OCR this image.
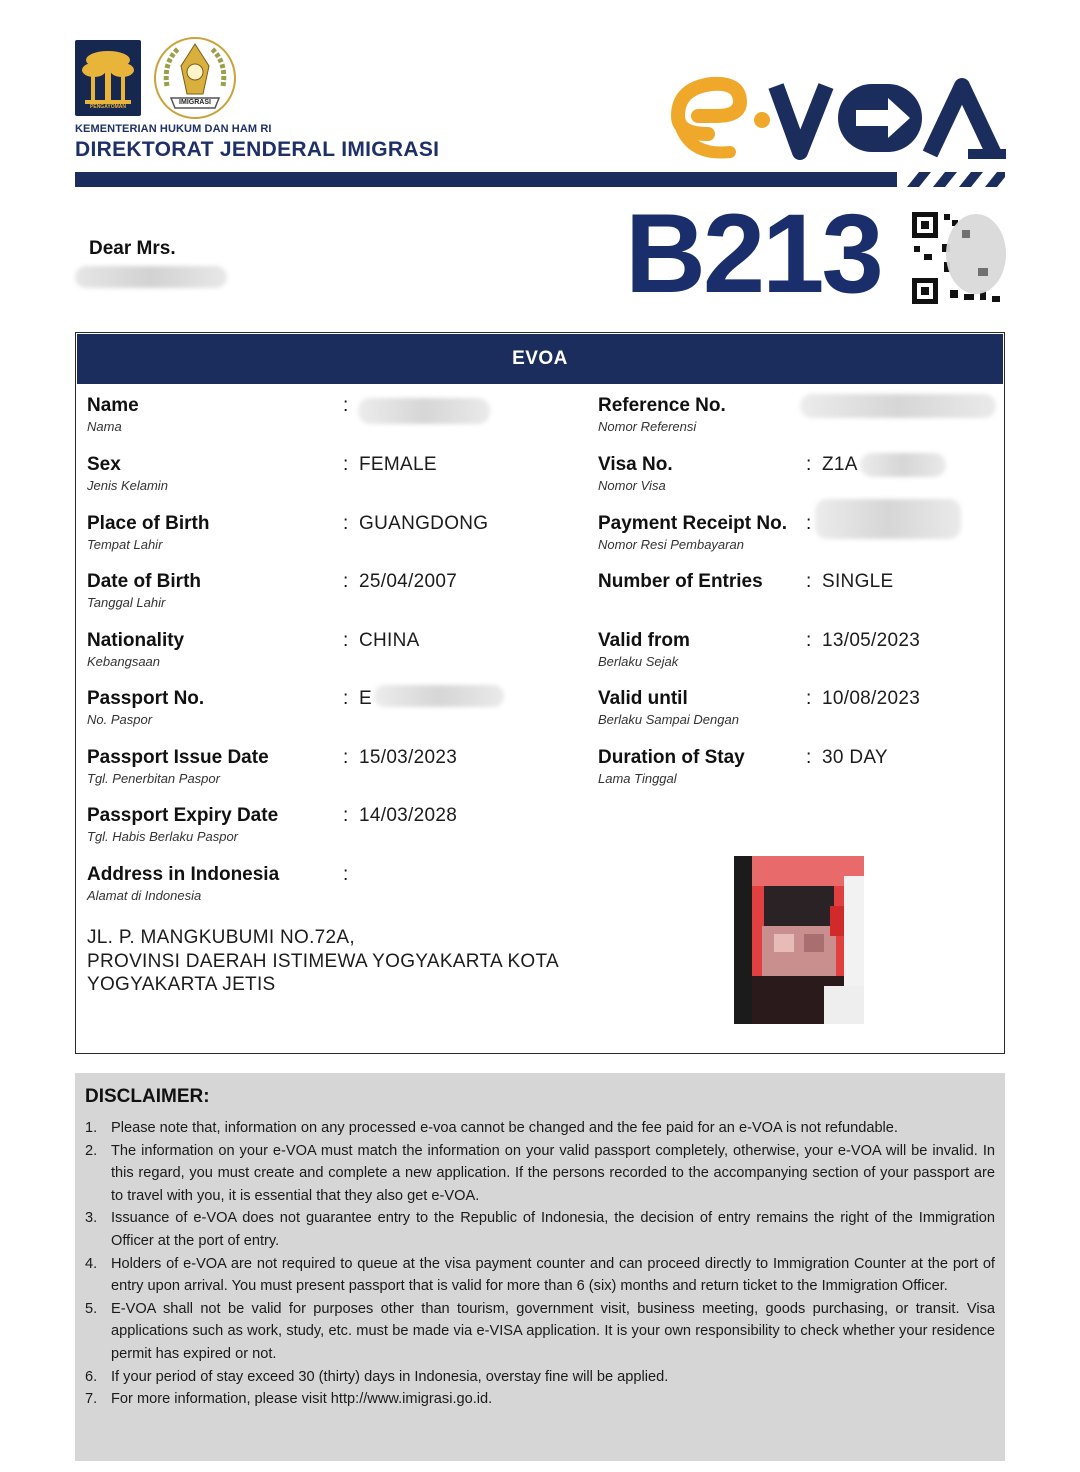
PENGAYOMAN
IMIGRASI
KEMENTERIAN HUKUM DAN HAM RI
DIREKTORAT JENDERAL IMIGRASI
Dear Mrs.	B213
EVOA
Name
Nama
Sex
Jenis Kelamin
Place of Birth
Tempat Lahir
Date of Birth
Tanggal Lahir
Nationality
Kebangsaan
Passport No.
No. Paspor
Passport Issue Date
Tgl. Penerbitan Paspor
Passport Expiry Date
Tgl. Habis Berlaku Paspor
Address in Indonesia
Alamat di Indonesia
:
:
:
:
:
:
:
:
:
FEMALE
GUANGDONG
25/04/2007
CHINA
E
15/03/2023
14/03/2028
Reference No.
Nomor Referensi
Visa No.
Nomor Visa
Payment Receipt No.
Nomor Resi Pembayaran
Number of Entries
Valid from
Berlaku Sejak
Valid until
Berlaku Sampai Dengan
Duration of Stay
Lama Tinggal
:
:
:
:
:
:
Z1A
SINGLE
13/05/2023
10/08/2023
30 DAY
JL. P. MANGKUBUMI NO.72A,
PROVINSI DAERAH ISTIMEWA YOGYAKARTA KOTA
YOGYAKARTA JETIS
DISCLAIMER:
1. Please note that, information on any processed e-voa cannot be changed and the fee paid for an e-VOA is not refundable.
2. The information on your e-VOA must match the information on your valid passport completely, otherwise, your e-VOA will be invalid. In this regard, you must create and complete a new application. If the persons recorded to the accompanying section of your passport are to travel with you, it is essential that they also get e-VOA.
3. Issuance of e-VOA does not guarantee entry to the Republic of Indonesia, the decision of entry remains the right of the Immigration Officer at the port of entry.
4. Holders of e-VOA are not required to queue at the visa payment counter and can proceed directly to Immigration Counter at the port of entry upon arrival. You must present passport that is valid for more than 6 (six) months and return ticket to the Immigration Officer.
5. E-VOA shall not be valid for purposes other than tourism, government visit, business meeting, goods purchasing, or transit. Visa applications such as work, study, etc. must be made via e-VISA application. It is your own responsibility to check whether your residence permit has expired or not.
6. If your period of stay exceed 30 (thirty) days in Indonesia, overstay fine will be applied.
7. For more information, please visit http://www.imigrasi.go.id.
